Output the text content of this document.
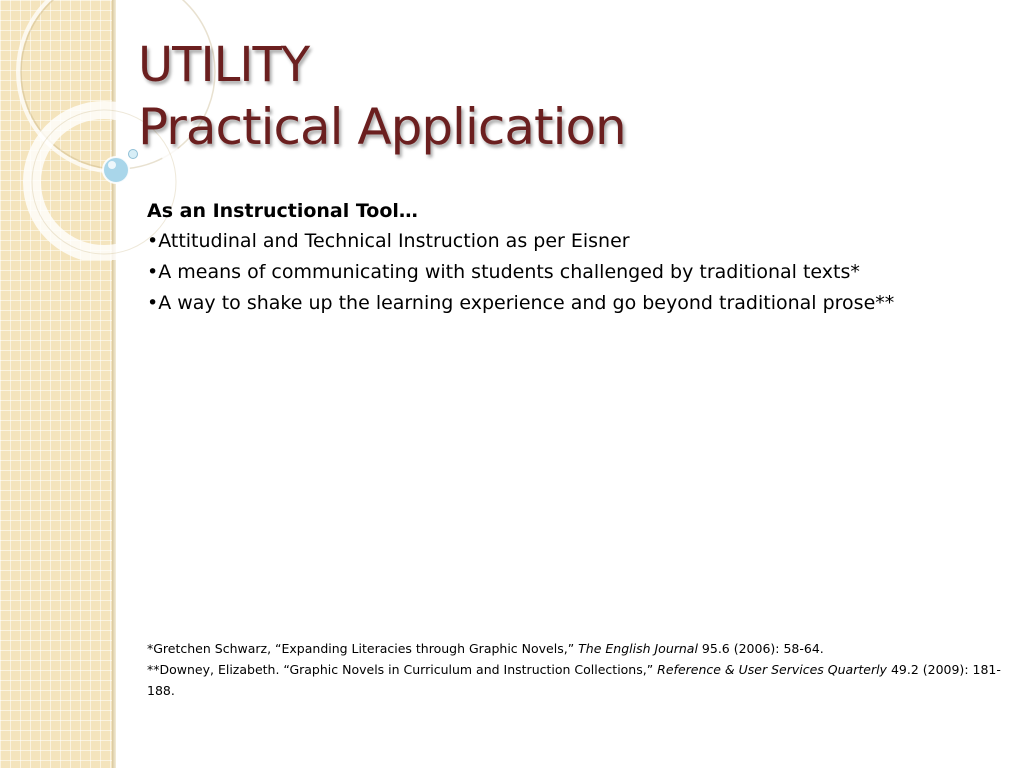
UTILITY
Practical Application
As an Instructional Tool…
•Attitudinal and Technical Instruction as per Eisner
•A means of communicating with students challenged by traditional texts*
•A way to shake up the learning experience and go beyond traditional prose**

*Gretchen Schwarz, “Expanding Literacies through Graphic Novels,” The English Journal 95.6 (2006): 58-64.

**Downey, Elizabeth. “Graphic Novels in Curriculum and Instruction Collections,” Reference & User Services Quarterly 49.2 (2009): 181-188.
